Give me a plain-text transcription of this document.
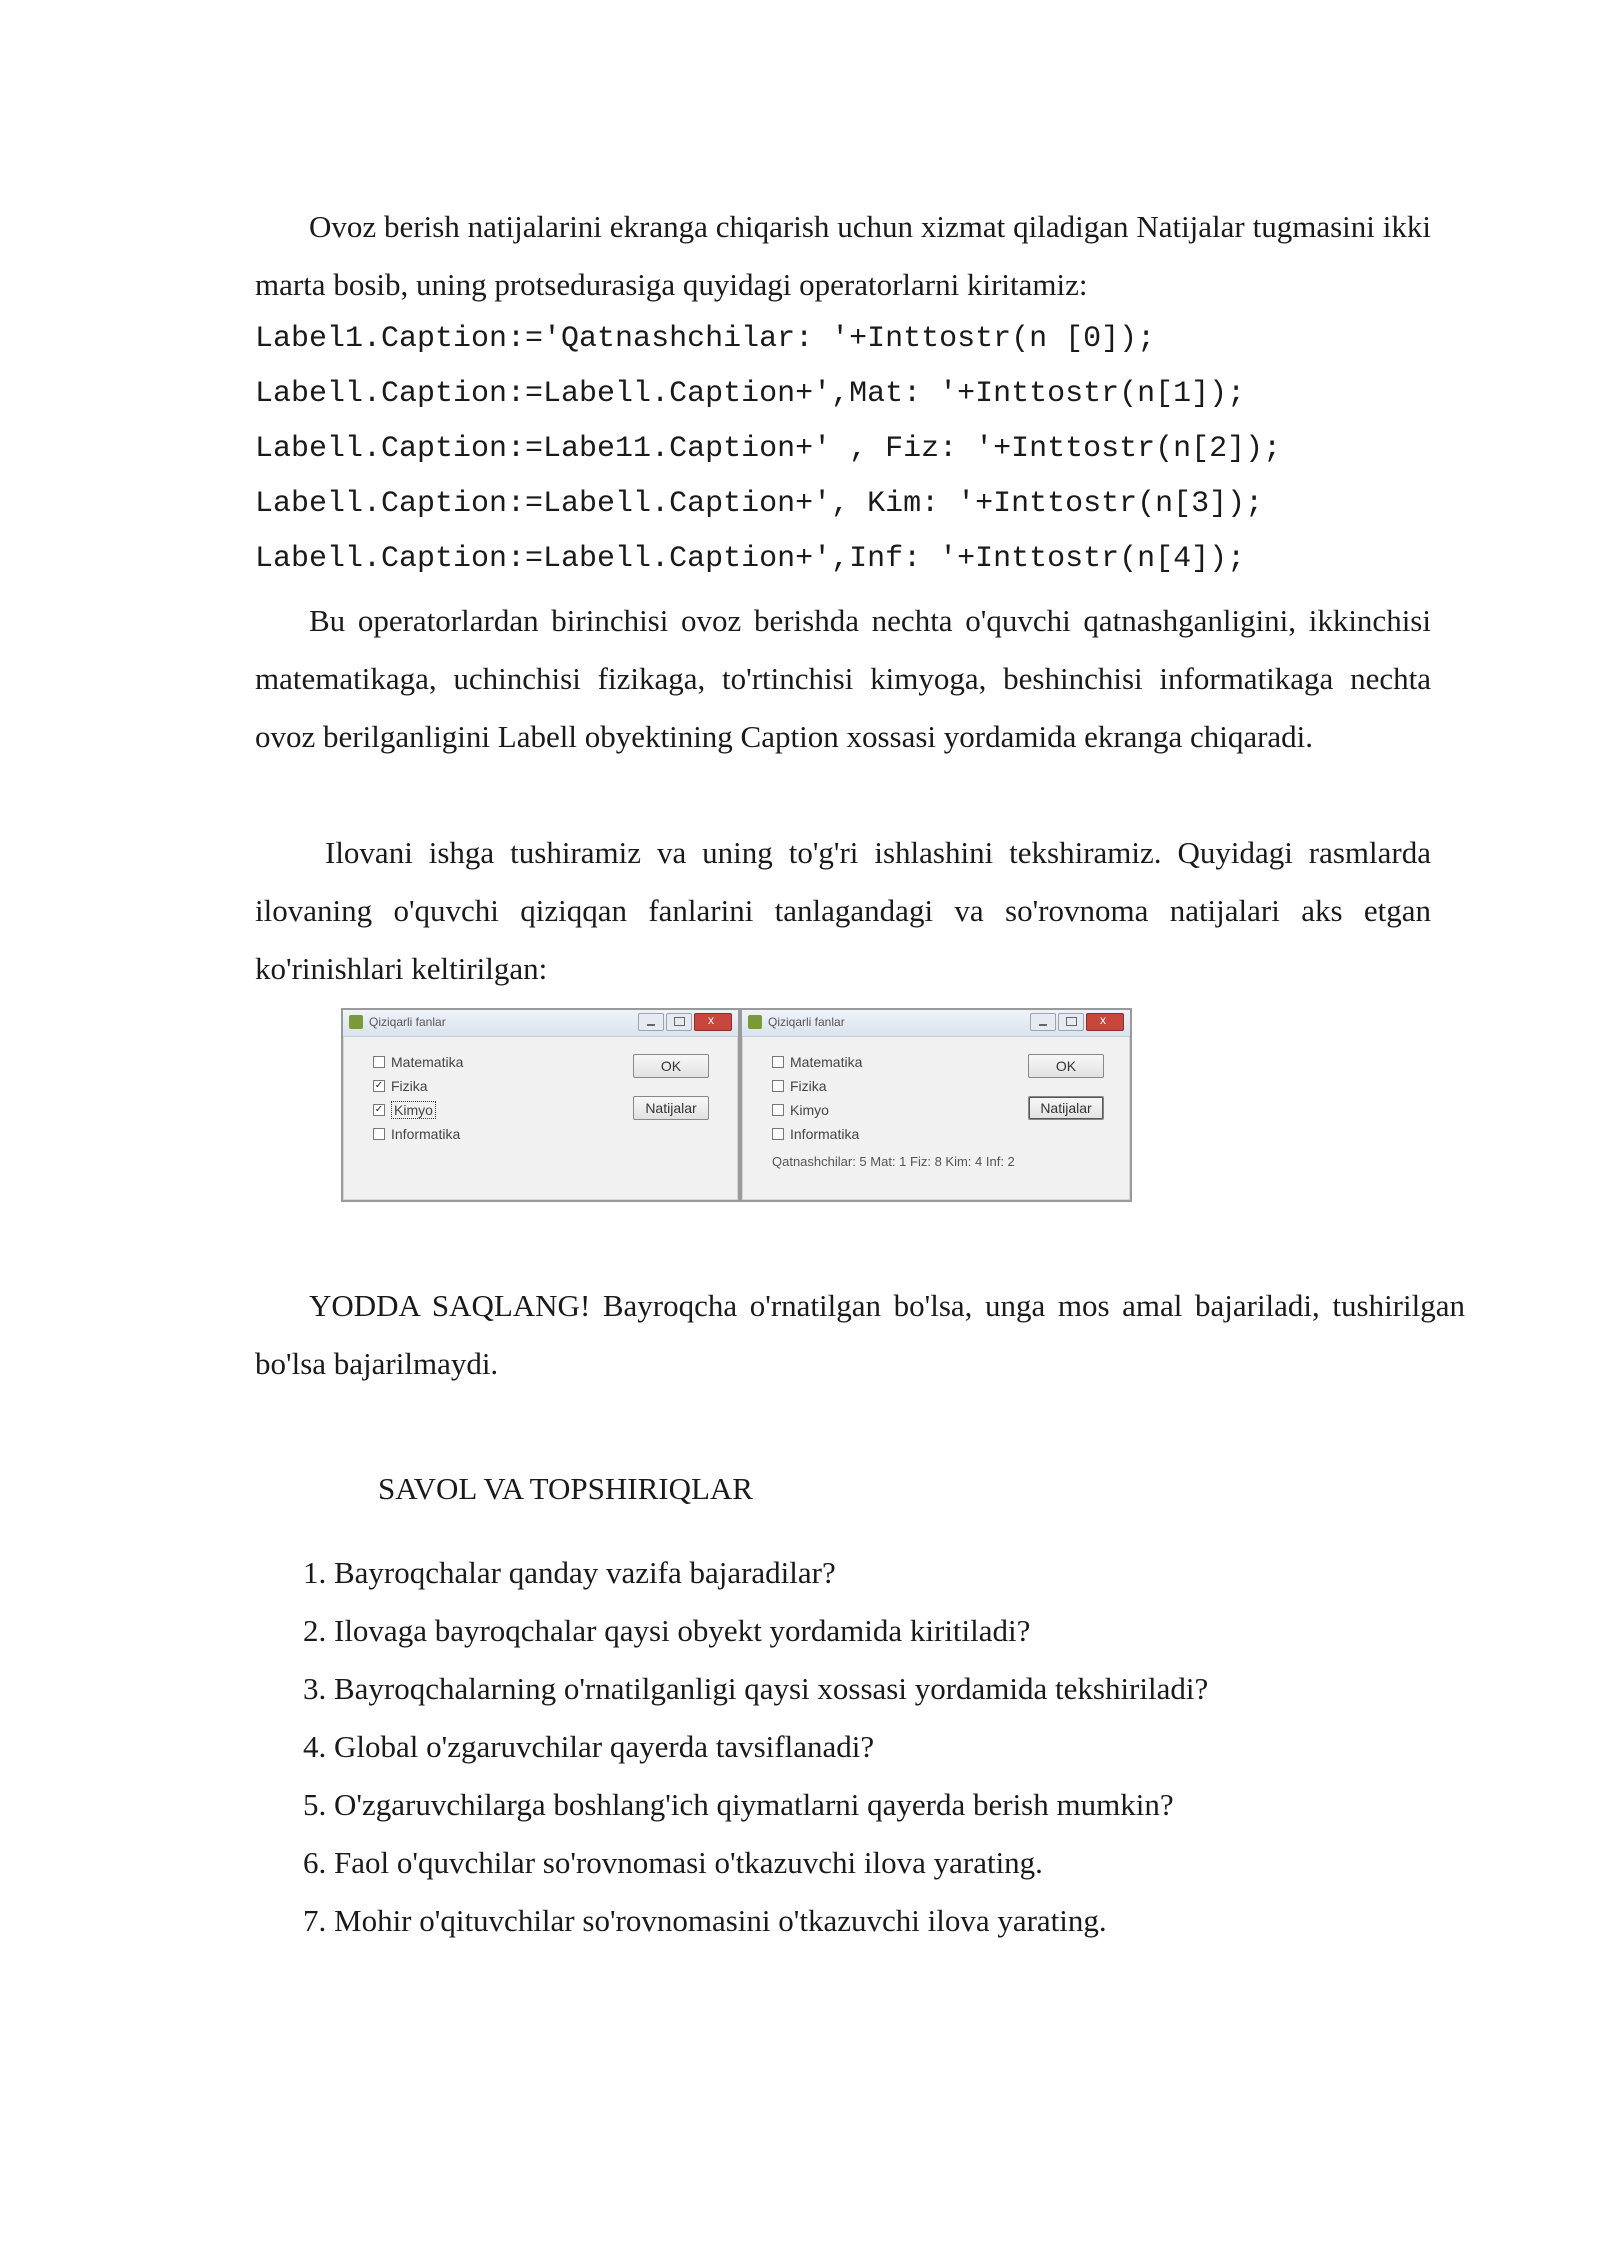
Ovoz berish natijalarini ekranga chiqarish uchun xizmat qiladigan Natijalar tugmasini ikki marta bosib, uning protsedurasiga quyidagi operatorlarni kiritamiz:

Label1.Caption:='Qatnashchilar: '+Inttostr(n [0]);
Labell.Caption:=Labell.Caption+′,Mat: '+Inttostr(n[1]);
Labell.Caption:=Labe11.Caption+' , Fiz: '+Inttostr(n[2]);
Labell.Caption:=Labell.Caption+', Kim: '+Inttostr(n[3]);
Labell.Caption:=Labell.Caption+′,Inf: '+Inttostr(n[4]);

Bu operatorlardan birinchisi ovoz berishda nechta o'quvchi qatnashganligini, ikkinchisi matematikaga, uchinchisi fizikaga, to'rtinchisi kimyoga, beshinchisi informatikaga nechta ovoz berilganligini Labell obyektining Caption xossasi yordamida ekranga chiqaradi.

Ilovani ishga tushiramiz va uning to'g'ri ishlashini tekshiramiz. Quyidagi rasmlarda ilovaning o'quvchi qiziqqan fanlarini tanlagandagi va so'rovnoma natijalari aks etgan ko'rinishlari keltirilgan:

Qiziqarli fanlar
x
Matematika
✓ Fizika
✓ Kimyo
Informatika
OK
Natijalar
Qiziqarli fanlar
x
Matematika
Fizika
Kimyo
Informatika
OK
Natijalar
Qatnashchilar: 5 Mat: 1 Fiz: 8 Kim: 4 Inf: 2

YODDA SAQLANG! Bayroqcha o'rnatilgan bo'lsa, unga mos amal bajariladi, tushirilgan bo'lsa bajarilmaydi.

SAVOL VA TOPSHIRIQLAR

1. Bayroqchalar qanday vazifa bajaradilar?
2. Ilovaga bayroqchalar qaysi obyekt yordamida kiritiladi?
3. Bayroqchalarning o'rnatilganligi qaysi xossasi yordamida tekshiriladi?
4. Global o'zgaruvchilar qayerda tavsiflanadi?
5. O'zgaruvchilarga boshlang'ich qiymatlarni qayerda berish mumkin?
6. Faol o'quvchilar so'rovnomasi o'tkazuvchi ilova yarating.
7. Mohir o'qituvchilar so'rovnomasini o'tkazuvchi ilova yarating.
